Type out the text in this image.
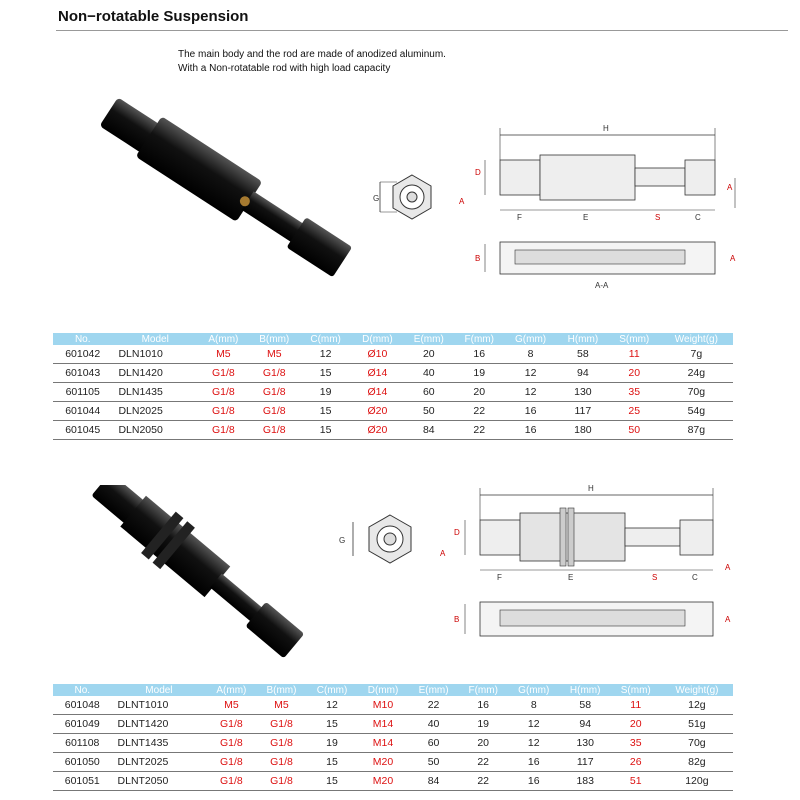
Non−rotatable Suspension
The main body and the rod are made of anodized aluminum.
With a Non-rotatable rod with high load capacity
G
H
D
A
A
F	E	S	C
B	A
A-A
No.	Model	A(mm)	B(mm)	C(mm)	D(mm)	E(mm)	F(mm)	G(mm)	H(mm)	S(mm)	Weight(g)
601042	DLN1010	M5	M5	12	Ø10	20	16	8	58	11	7g
601043	DLN1420	G1/8	G1/8	15	Ø14	40	19	12	94	20	24g
601105	DLN1435	G1/8	G1/8	19	Ø14	60	20	12	130	35	70g
601044	DLN2025	G1/8	G1/8	15	Ø20	50	22	16	117	25	54g
601045	DLN2050	G1/8	G1/8	15	Ø20	84	22	16	180	50	87g
G
H
D
A
A
F	E	S	C
B	A
No.	Model	A(mm)	B(mm)	C(mm)	D(mm)	E(mm)	F(mm)	G(mm)	H(mm)	S(mm)	Weight(g)
601048	DLNT1010	M5	M5	12	M10	22	16	8	58	11	12g
601049	DLNT1420	G1/8	G1/8	15	M14	40	19	12	94	20	51g
601108	DLNT1435	G1/8	G1/8	19	M14	60	20	12	130	35	70g
601050	DLNT2025	G1/8	G1/8	15	M20	50	22	16	117	26	82g
601051	DLNT2050	G1/8	G1/8	15	M20	84	22	16	183	51	120g
